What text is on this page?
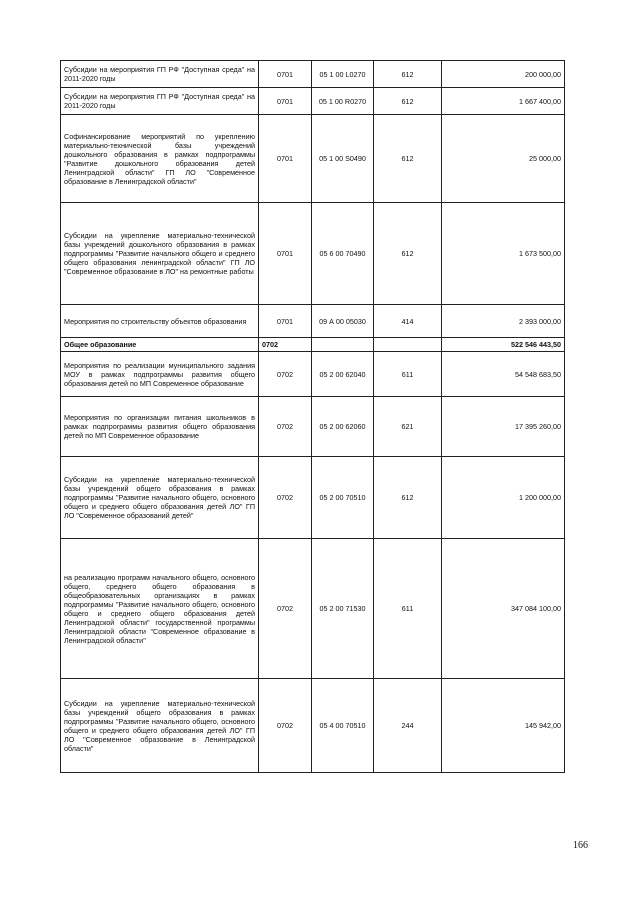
Субсидии на мероприятия ГП РФ "Доступная среда" на 2011-2020 годы	0701	05 1 00 L0270	612	200 000,00
Субсидии на мероприятия ГП РФ "Доступная среда" на 2011-2020 годы	0701	05 1 00 R0270	612	1 667 400,00
Софинансирование мероприятий по укреплению материально-технической базы учреждений дошкольного образования в рамках подпрограммы "Развитие дошкольного образования детей Ленинградской области" ГП ЛО "Современное образование в Ленинградской области"	0701	05 1 00 S0490	612	25 000,00
Субсидии на укрепление материально-технической базы учреждений дошкольного образования в рамках подпрограммы "Развитие начального общего и среднего общего образования ленинградской области" ГП ЛО "Современное образование в ЛО" на ремонтные работы	0701	05 6 00 70490	612	1 673 500,00
Мероприятия по строительству объектов образования	0701	09 А 00 05030	414	2 393 000,00
Общее образование	0702			522 546 443,50
Мероприятия по реализации муниципального задания МОУ в рамках подпрограммы развития общего образования детей по МП Современное образование	0702	05 2 00 62040	611	54 548 683,50
Мероприятия по организации питания школьников в рамках подпрограммы развития общего образования детей по МП Современное образование	0702	05 2 00 62060	621	17 395 260,00
Субсидии на укрепление материально-технической базы учреждений общего образования в рамках подпрограммы "Развитие начального общего, основного общего и среднего общего образования детей ЛО" ГП ЛО "Современное образований детей"	0702	05 2 00 70510	612	1 200 000,00
на реализацию программ начального общего, основного общего, среднего общего образования в общеобразовательных организациях в рамках подпрограммы "Развитие начального общего, основного общего и среднего общего образования детей Ленинградской области" государственной программы Ленинградской области "Современное образование в Ленинградской области"	0702	05 2 00 71530	611	347 084 100,00
Субсидии на укрепление материально-технической базы учреждений общего образования в рамках подпрограммы "Развитие начального общего, основного общего и среднего общего образования детей ЛО" ГП ЛО "Современное образование в Ленинградской области"	0702	05 4 00 70510	244	145 942,00
166
